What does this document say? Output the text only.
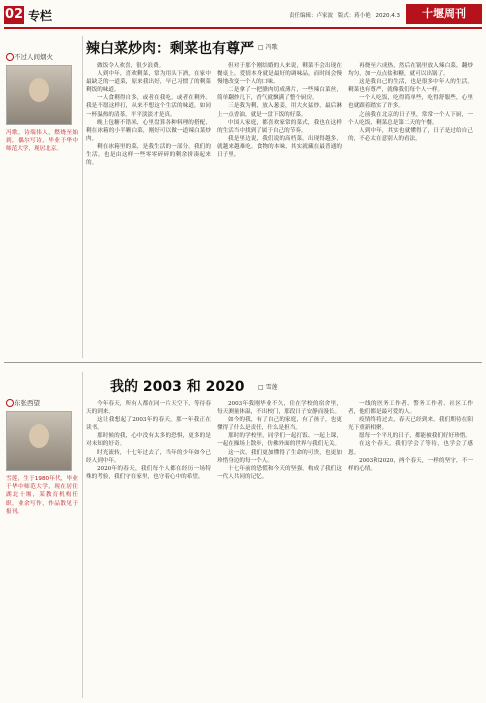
02 专栏	责任编辑：卢家波 版式：蒋小艳 2020.4.3	十堰周刊
不过人间烟火
冯歌，诗端伟人，燃烧至始到，偶尔写诗，毕业于华中师范大学，现居北京。
辣白菜炒肉：剩菜也有尊严	□ 冯歌

做饭令人欢喜，很少浪费。

人到中年，喜欢剩菜，常为用头下酒，在家中最缺乏的一道菜，原来我出好，早已习惯了的剩菜剩饭的味道。

一人食剩得自多，或者在我吃，或者在剩外。我是不愿这样打，从来不想这个生活的味道，如同一杯温热的清茶，平平淡淡才是真。

晚上包糖不错米，心里盘算各种料理的搭配，剩在冰箱的小半颗白菜，刚好可以做一道辣白菜炒肉。

剩在冰箱里的菜，是我生活的一部分。我们的生活，也是由这样一些零零碎碎的剩余拼凑起来的。

但对于那个刚结婚的人来说，剩菜不会出现在餐桌上。爱情本身就是最好的调味品，而时间会慢慢地改变一个人的口味。

二是拿了一把腊肉切成薄片，一些辣白菜丝，简单翻炒几下，香气就飘满了整个厨房。

三是我为剩，放入葱姜，用大火猛炒，最后淋上一点香油，就是一盘下饭的好菜。

中国人家庭，都喜欢家常的菜式，我也在这样的生活当中找到了属于自己的节奏。

我是里边说，我们说的高档菜，出现得越多，就越来越难吃。食物的本味，其实就藏在最普通的日子里。

再烧至六成热，然后在锅里放入辣白菜，翻炒均匀，加一点点盐和糖，就可以出锅了。

这是我自己的生活，也是很多中年人的生活。剩菜也有尊严，就像我们每个人一样。

一个人吃饭，吃得简单些，吃得舒服些，心里也就跟着踏实了许多。

之前我在北京的日子里，常常一个人下厨，一个人吃饭，剩菜总是第二天的午餐。

人到中年，其实也就懂得了，日子是过给自己的，不必太在意别人的看法。

东张西望
雪莲，生于1980年代，毕业于华中师范大学，现在居住湖北十堰，某教育机构任职，业余写作，作品散见于报刊。
我的 2003 和 2020	□ 雪莲

今年春天，所有人都在同一片天空下，等待春天的到来。

这让我想起了2003年的春天，那一年我正在读书。

那时候的我，心中没有太多的恐惧，更多的是对未知的好奇。

时光流转，十七年过去了，当年的少年如今已经人到中年。

2020年的春天，我们每个人都在经历一场特殊的考验，我们守在家里，也守着心中的希望。

2003年我刚毕业不久，住在学校的宿舍里，每天测量体温，不出校门，那段日子安静而漫长。

如今的我，有了自己的家庭，有了孩子，也更懂得了什么是责任，什么是担当。

那时的学校里，同学们一起打饭、一起上课，一起在操场上散步，仿佛外面的世界与我们无关。

这一次，我们更加懂得了生命的可贵，也更加珍惜身边的每一个人。

十七年前的恐慌和今天的坚强，构成了我们这一代人共同的记忆。

一线的医务工作者、警务工作者、社区工作者，他们都是最可爱的人。

疫情终将过去，春天已经到来，我们期待在阳光下重新相聚。

愿每一个平凡的日子，都能被我们好好珍惜。

在这个春天，我们学会了等待，也学会了感恩。

2003和2020，两个春天，一样的坚守，不一样的心情。
